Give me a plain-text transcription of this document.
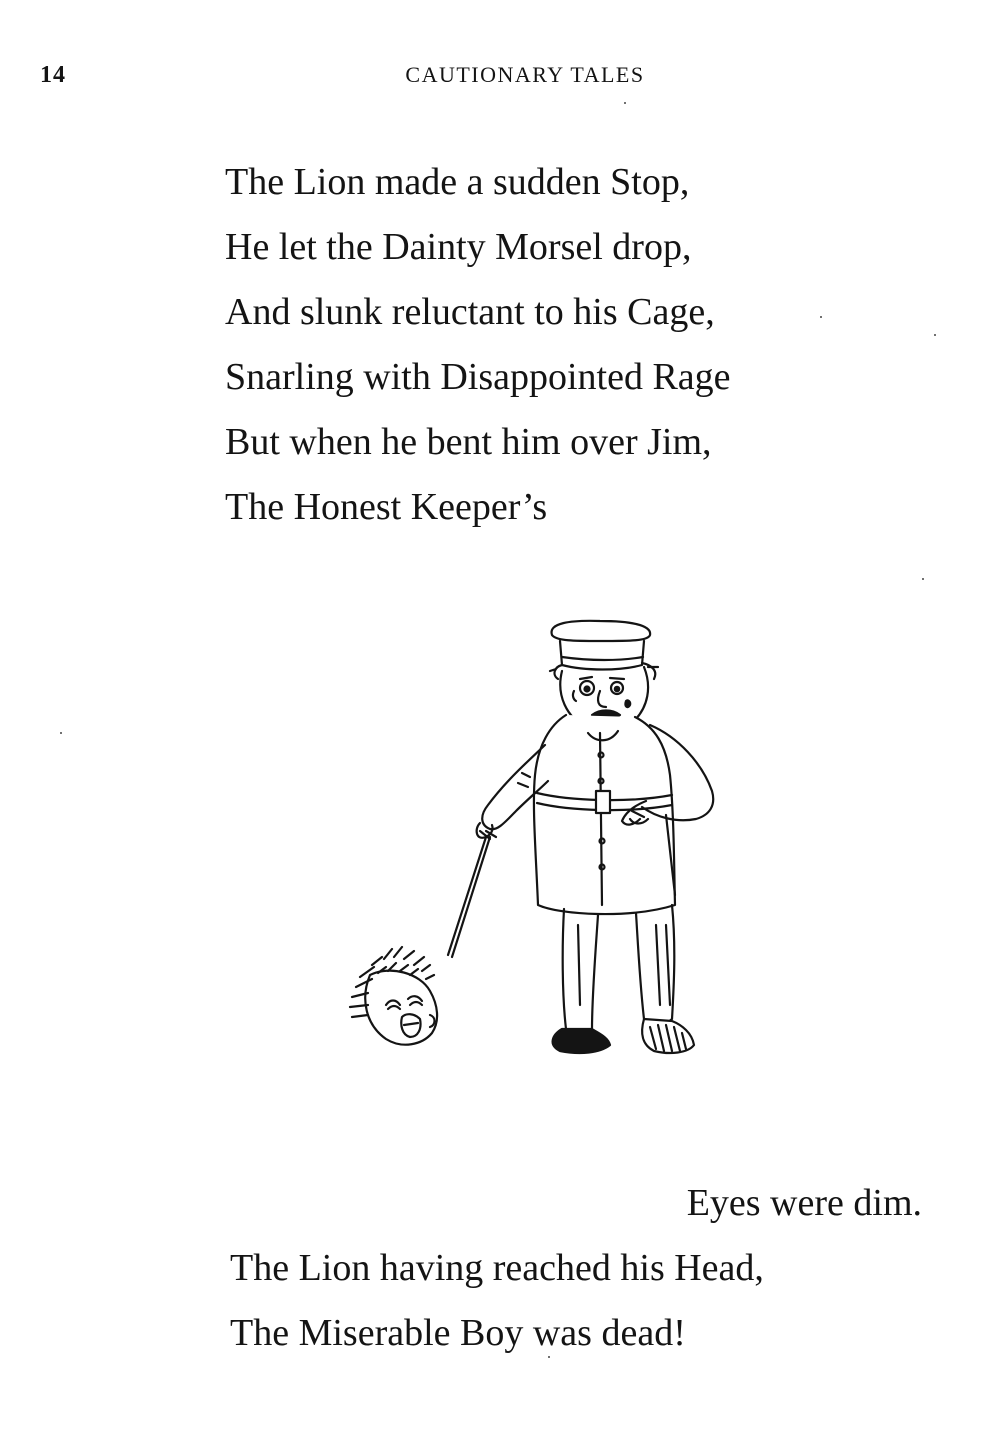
14	CAUTIONARY TALES
The Lion made a sudden Stop,
He let the Dainty Morsel drop,
And slunk reluctant to his Cage,
Snarling with Disappointed Rage
But when he bent him over Jim,
The Honest Keeper’s
Eyes were dim.
The Lion having reached his Head,
The Miserable Boy was dead!
